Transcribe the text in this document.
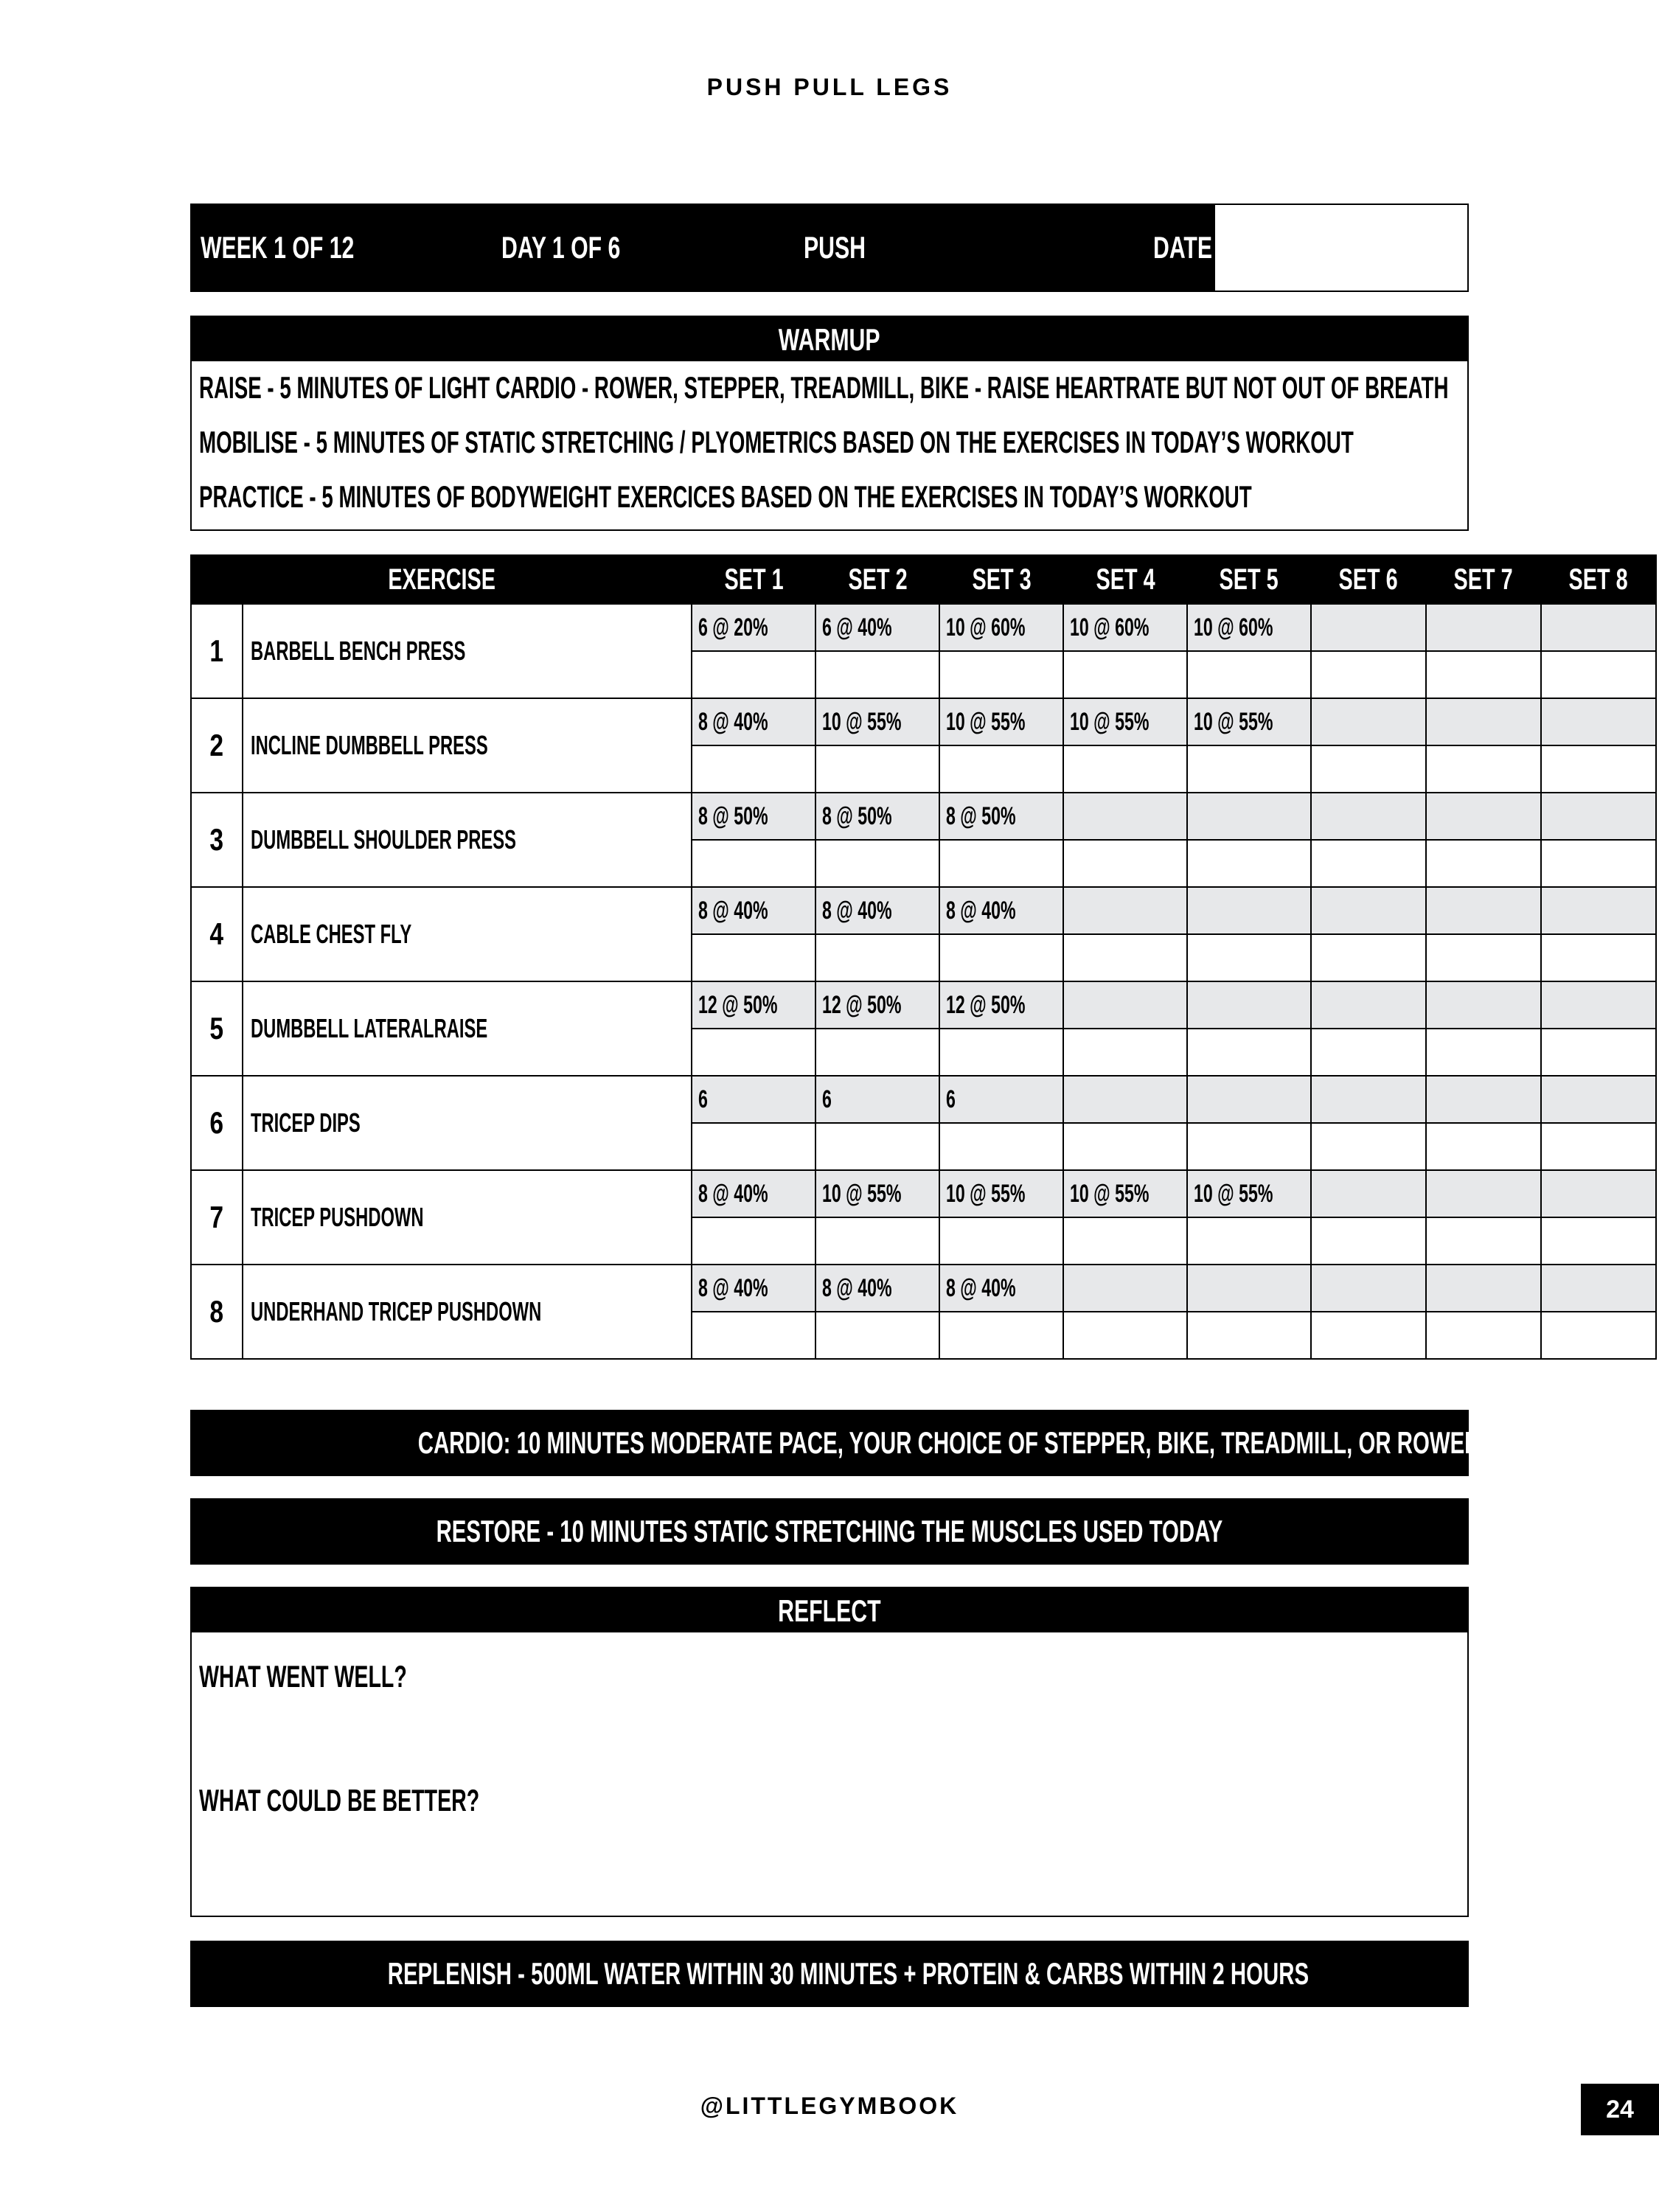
PUSH PULL LEGS
WEEK 1 OF 12	DAY 1 OF 6	PUSH	DATE
WARMUP
RAISE - 5 MINUTES OF LIGHT CARDIO - ROWER, STEPPER, TREADMILL, BIKE - RAISE HEARTRATE BUT NOT OUT OF BREATH
MOBILISE - 5 MINUTES OF STATIC STRETCHING / PLYOMETRICS BASED ON THE EXERCISES IN TODAY’S WORKOUT
PRACTICE - 5 MINUTES OF BODYWEIGHT EXERCICES BASED ON THE EXERCISES IN TODAY’S WORKOUT
EXERCISE		SET 1	SET 2	SET 3	SET 4	SET 5	SET 6	SET 7	SET 8
1	BARBELL BENCH PRESS	6 @ 20%	6 @ 40%	10 @ 60%	10 @ 60%	10 @ 60%			

2	INCLINE DUMBBELL PRESS	8 @ 40%	10 @ 55%	10 @ 55%	10 @ 55%	10 @ 55%			

3	DUMBBELL SHOULDER PRESS	8 @ 50%	8 @ 50%	8 @ 50%					

4	CABLE CHEST FLY	8 @ 40%	8 @ 40%	8 @ 40%					

5	DUMBBELL LATERALRAISE	12 @ 50%	12 @ 50%	12 @ 50%					

6	TRICEP DIPS	6	6	6					

7	TRICEP PUSHDOWN	8 @ 40%	10 @ 55%	10 @ 55%	10 @ 55%	10 @ 55%			

8	UNDERHAND TRICEP PUSHDOWN	8 @ 40%	8 @ 40%	8 @ 40%					

CARDIO: 10 MINUTES MODERATE PACE, YOUR CHOICE OF STEPPER, BIKE, TREADMILL, OR ROWER
RESTORE - 10 MINUTES STATIC STRETCHING THE MUSCLES USED TODAY
REFLECT
WHAT WENT WELL?
WHAT COULD BE BETTER?
REPLENISH - 500ML WATER WITHIN 30 MINUTES + PROTEIN & CARBS WITHIN 2 HOURS
@LITTLEGYMBOOK	24
